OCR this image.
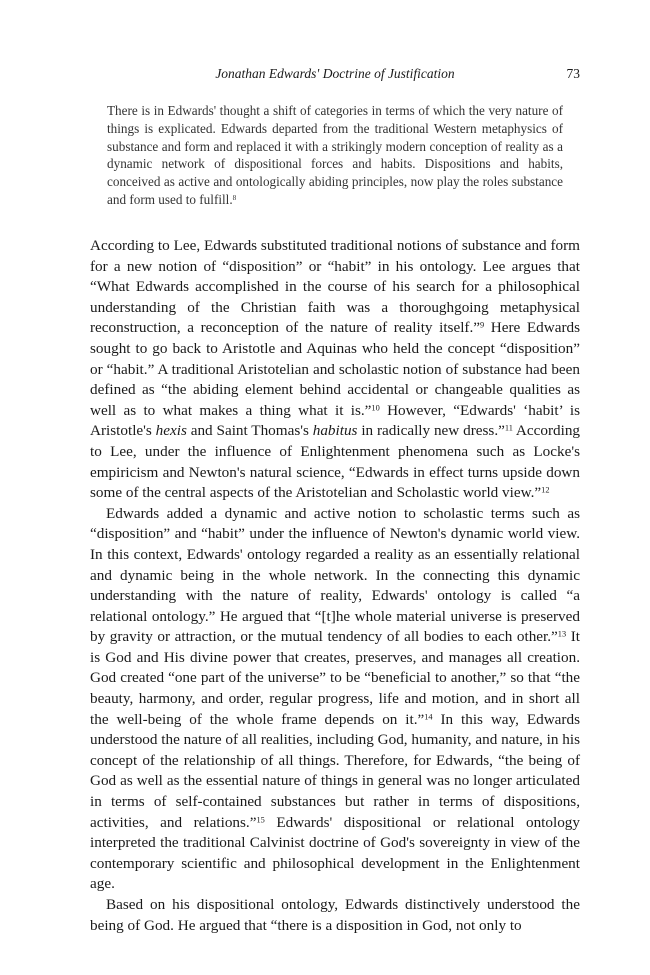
Jonathan Edwards' Doctrine of Justification	73
There is in Edwards' thought a shift of categories in terms of which the very nature of things is explicated. Edwards departed from the traditional Western metaphysics of substance and form and replaced it with a strikingly modern conception of reality as a dynamic network of dispositional forces and habits. Dispositions and habits, conceived as active and ontologically abiding principles, now play the roles substance and form used to fulfill.$^8$

According to Lee, Edwards substituted traditional notions of substance and form for a new notion of “disposition” or “habit” in his ontology. Lee argues that “What Edwards accomplished in the course of his search for a philosophical understanding of the Christian faith was a thoroughgoing metaphysical reconstruction, a reconception of the nature of reality itself.”$^9$ Here Edwards sought to go back to Aristotle and Aquinas who held the concept “disposition” or “habit.” A traditional Aristotelian and scholastic notion of substance had been defined as “the abiding element behind accidental or changeable qualities as well as to what makes a thing what it is.”$^{10}$ However, “Edwards' ‘habit’ is Aristotle's hexis and Saint Thomas's habitus in radically new dress.”$^{11}$ According to Lee, under the influence of Enlightenment phenomena such as Locke's empiricism and Newton's natural science, “Edwards in effect turns upside down some of the central aspects of the Aristotelian and Scholastic world view.”$^{12}$

Edwards added a dynamic and active notion to scholastic terms such as “disposition” and “habit” under the influence of Newton's dynamic world view. In this context, Edwards' ontology regarded a reality as an essentially relational and dynamic being in the whole network. In the connecting this dynamic understanding with the nature of reality, Edwards' ontology is called “a relational ontology.” He argued that “[t]he whole material universe is preserved by gravity or attraction, or the mutual tendency of all bodies to each other.”$^{13}$ It is God and His divine power that creates, preserves, and manages all creation. God created “one part of the universe” to be “beneficial to another,” so that “the beauty, harmony, and order, regular progress, life and motion, and in short all the well-being of the whole frame depends on it.”$^{14}$ In this way, Edwards understood the nature of all realities, including God, humanity, and nature, in his concept of the relationship of all things. Therefore, for Edwards, “the being of God as well as the essential nature of things in general was no longer articulated in terms of self-contained substances but rather in terms of dispositions, activities, and relations.”$^{15}$ Edwards' dispositional or relational ontology interpreted the traditional Calvinist doctrine of God's sovereignty in view of the contemporary scientific and philosophical development in the Enlightenment age.

Based on his dispositional ontology, Edwards distinctively understood the being of God. He argued that “there is a disposition in God, not only to
